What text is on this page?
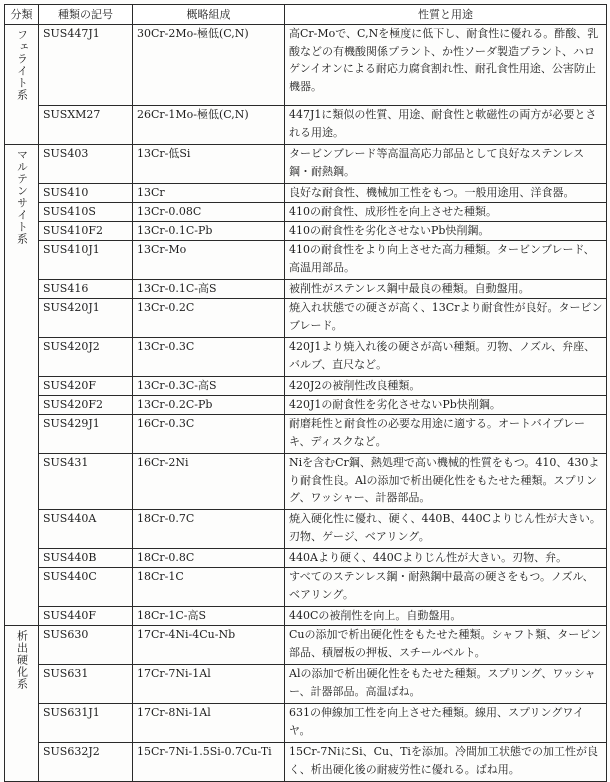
分類	種類の記号	概略組成	性質と用途
フェライト系	SUS447J1	30Cr-2Mo-極低(C,N)	高Cr-Moで、C,Nを極度に低下し、耐食性に優れる。酢酸、乳酸などの有機酸関係プラント、か性ソーダ製造プラント、ハロゲンイオンによる耐応力腐食割れ性、耐孔食性用途、公害防止機器。
	SUSXM27	26Cr-1Mo-極低(C,N)	447J1に類似の性質、用途、耐食性と軟磁性の両方が必要とされる用途。
マルテンサイト系	SUS403	13Cr-低Si	タービンブレード等高温高応力部品として良好なステンレス鋼・耐熱鋼。
	SUS410	13Cr	良好な耐食性、機械加工性をもつ。一般用途用、洋食器。
	SUS410S	13Cr-0.08C	410の耐食性、成形性を向上させた種類。
	SUS410F2	13Cr-0.1C-Pb	410の耐食性を劣化させないPb快削鋼。
	SUS410J1	13Cr-Mo	410の耐食性をより向上させた高力種類。タービンブレード、高温用部品。
	SUS416	13Cr-0.1C-高S	被削性がステンレス鋼中最良の種類。自動盤用。
	SUS420J1	13Cr-0.2C	焼入れ状態での硬さが高く、13Crより耐食性が良好。タービンブレード。
	SUS420J2	13Cr-0.3C	420J1より焼入れ後の硬さが高い種類。刃物、ノズル、弁座、バルブ、直尺など。
	SUS420F	13Cr-0.3C-高S	420J2の被削性改良種類。
	SUS420F2	13Cr-0.2C-Pb	420J1の耐食性を劣化させないPb快削鋼。
	SUS429J1	16Cr-0.3C	耐磨耗性と耐食性の必要な用途に適する。オートバイブレーキ、ディスクなど。
	SUS431	16Cr-2Ni	Niを含むCr鋼、熱処理で高い機械的性質をもつ。410、430より耐食性良。Alの添加で析出硬化性をもたせた種類。スプリング、ワッシャー、計器部品。
	SUS440A	18Cr-0.7C	焼入硬化性に優れ、硬く、440B、440Cよりじん性が大きい。刃物、ゲージ、ベアリング。
	SUS440B	18Cr-0.8C	440Aより硬く、440Cよりじん性が大きい。刃物、弁。
	SUS440C	18Cr-1C	すべてのステンレス鋼・耐熱鋼中最高の硬さをもつ。ノズル、ベアリング。
	SUS440F	18Cr-1C-高S	440Cの被削性を向上。自動盤用。
析出硬化系	SUS630	17Cr-4Ni-4Cu-Nb	Cuの添加で析出硬化性をもたせた種類。シャフト類、タービン部品、積層板の押板、スチールベルト。
	SUS631	17Cr-7Ni-1Al	Alの添加で析出硬化性をもたせた種類。スプリング、ワッシャー、計器部品。高温ばね。
	SUS631J1	17Cr-8Ni-1Al	631の伸線加工性を向上させた種類。線用、スプリングワイヤ。
	SUS632J2	15Cr-7Ni-1.5Si-0.7Cu-Ti	15Cr-7NiにSi、Cu、Tiを添加。冷間加工状態での加工性が良く、析出硬化後の耐疲労性に優れる。ばね用。
